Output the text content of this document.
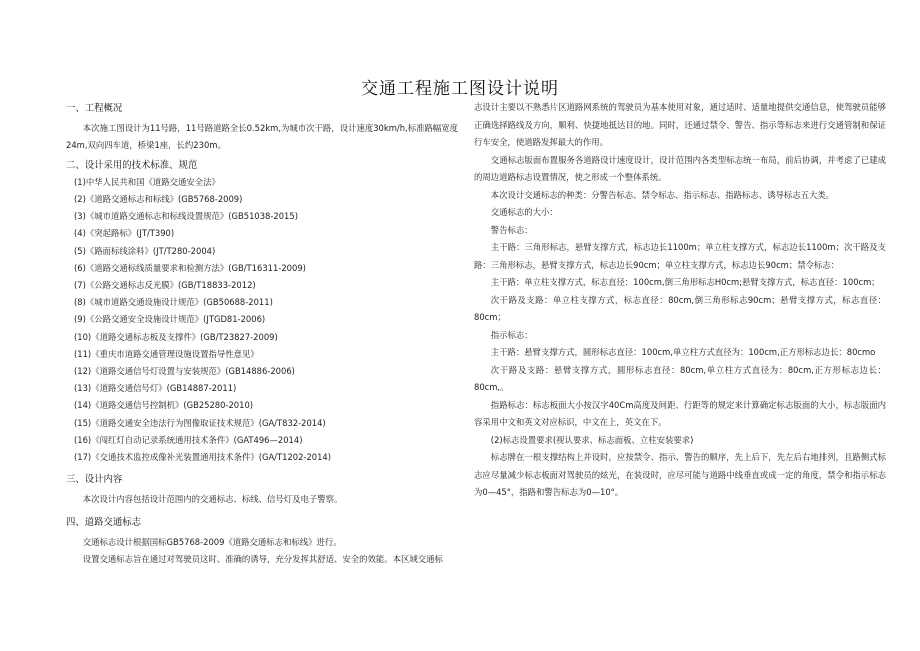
交通工程施工图设计说明
一、工程概况
本次施工图设计为11号路，11号路道路全长0.52km,为城市次干路，设计速度30km/h,标准路幅宽度24m,双向四车道，桥梁1座，长约230m。
二、设计采用的技术标准、规范
(1)中华人民共和国《道路交通安全法》
(2)《道路交通标志和标线》(GB5768-2009)
(3)《城市道路交通标志和标线设置规范》(GB51038-2015)
(4)《突起路标》(JT/T390)
(5)《路面标线涂料》(JT/T280-2004)
(6)《道路交通标线质量要求和检测方法》(GB/T16311-2009)
(7)《公路交通标志反光膜》(GB/T18833-2012)
(8)《城市道路交通设施设计规范》(GB50688-2011)
(9)《公路交通安全设施设计规范》(JTGD81-2006)
(10)《道路交通标志板及支撑件》(GB/T23827-2009)
(11)《重庆市道路交通管理设施设置指导性意见》
(12)《道路交通信号灯设置与安装规范》(GB14886-2006)
(13)《道路交通信号灯》(GB14887-2011)
(14)《道路交通信号控制机》(GB25280-2010)
(15)《道路交通安全违法行为图像取证技术规范》(GA/T832-2014)
(16)《闯红灯自动记录系统通用技术条件》(GAT496—2014)
(17)《交通技术监控成像补光装置通用技术条件》(GA/T1202-2014)
三、设计内容
本次设计内容包括设计范围内的交通标志、标线、信号灯及电子警察。
四、道路交通标志
交通标志设计根据国标GB5768-2009《道路交通标志和标线》进行。
设置交通标志旨在通过对驾驶员这时、准确的诱导，充分发挥其舒适、安全的效能。本区域交通标
志设计主要以不熟悉片区道路网系统的驾驶员为基本使用对象，通过适时、适量地提供交通信息，使驾驶员能够正确选择路线及方向，顺利、快捷地抵达目的地。同时，还通过禁令、警告、指示等标志来进行交通管制和保证行车安全，使道路发挥最大的作用。
交通标志版面布置服务各道路设计速度设计，设计范围内各类型标志统一布局，前后协调，并考虑了已建成的周边道路标志设置情况，使之形成一个整体系统。
本次设计交通标志的种类：分警告标志、禁令标志、指示标志、指路标志、诱导标志五大类。
交通标志的大小：
警告标志：
主干路：三角形标志，悬臂支撑方式，标志边长1100m；单立柱支撑方式，标志边长1100m；次干路及支路：三角形标志，悬臂支撑方式，标志边长90cm；单立柱支撑方式，标志边长90cm；禁令标志：
主干路：单立柱支撑方式，标志直径：100cm,倒三角形标志H0cm;悬臂支撑方式，标志直径：100cm；
次干路及支路：单立柱支撑方式，标志直径：80cm,倒三角形标志90cm；悬臂支撑方式，标志直径：80cm；
指示标志：
主干路：悬臂支撑方式，圆形标志直径：100cm,单立柱方式直径为：100cm,正方形标志边长：80cmo
次干路及支路：悬臂支撑方式，圆形标志直径：80cm,单立柱方式直径为：80cm,正方形标志边长：80cm,。
指路标志：标志板面大小按汉字40Cm高度及间距、行距等的规定来计算确定标志版面的大小，标志版面内容采用中文和英文对应标识，中文在上，英文在下。
(2)标志设置要求(视认要求、标志面板、立柱安装要求)
标志牌在一根支撑结构上并设时，应按禁令、指示、警告的顺序，先上后下，先左后右地排列，且路侧式标志应尽量减少标志板面对驾驶员的炫光，在装设时，应尽可能与道路中线垂直或成一定的角度，禁令和指示标志为0—45°，指路和警告标志为0—10°。
